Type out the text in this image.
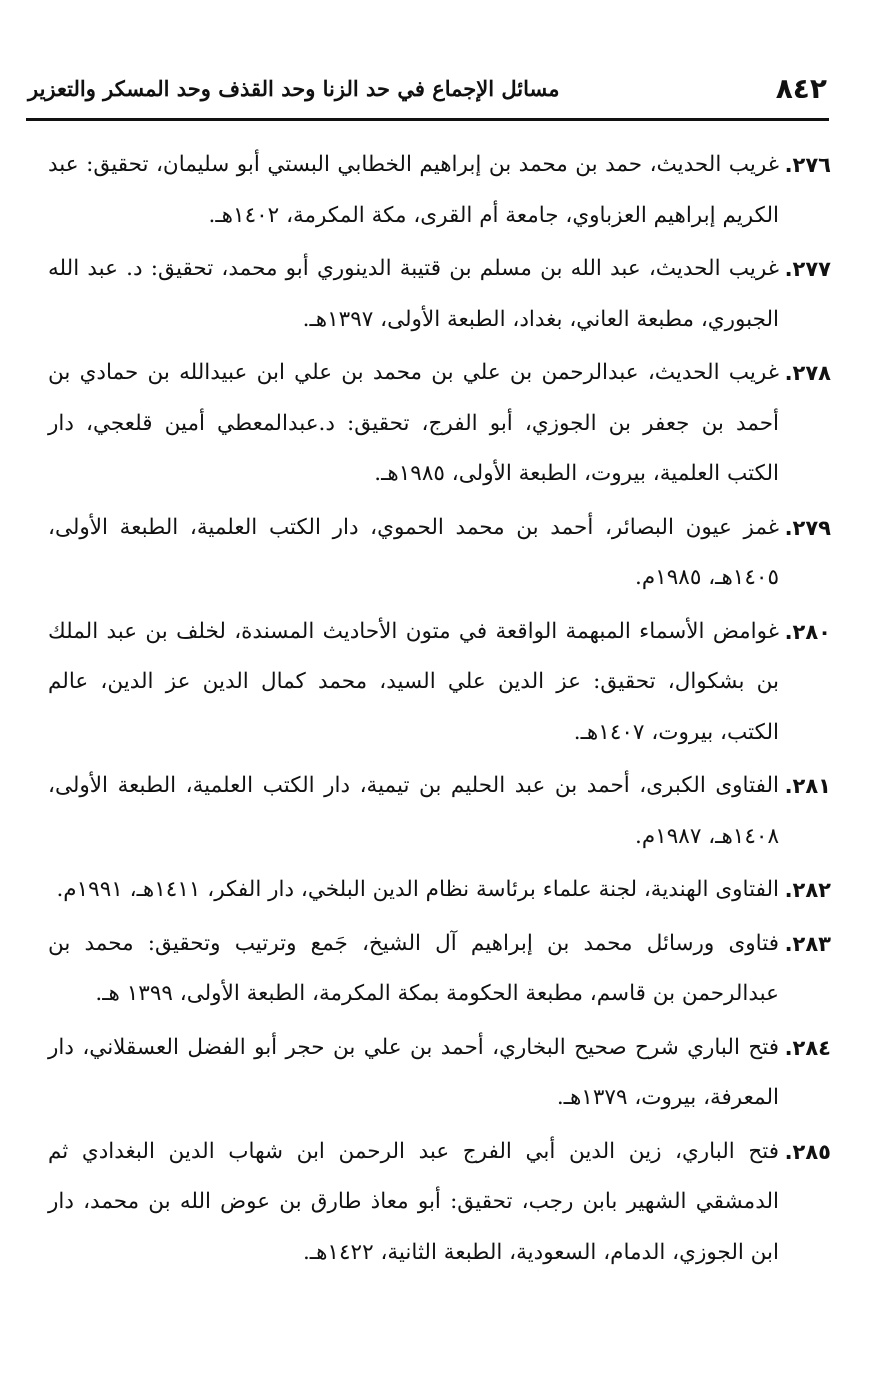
٨٤٢
مسائل الإجماع في حد الزنا وحد القذف وحد المسكر والتعزير
٢٧٦.
غريب الحديث، حمد بن محمد بن إبراهيم الخطابي البستي أبو سليمان، تحقيق: عبد الكريم إبراهيم العزباوي، جامعة أم القرى، مكة المكرمة، ١٤٠٢هـ.
٢٧٧.
غريب الحديث، عبد الله بن مسلم بن قتيبة الدينوري أبو محمد، تحقيق: د. عبد الله الجبوري، مطبعة العاني، بغداد، الطبعة الأولى، ١٣٩٧هـ.
٢٧٨.
غريب الحديث، عبدالرحمن بن علي بن محمد بن علي ابن عبيدالله بن حمادي بن أحمد بن جعفر بن الجوزي، أبو الفرج، تحقيق: د.عبدالمعطي أمين قلعجي، دار الكتب العلمية، بيروت، الطبعة الأولى، ١٩٨٥هـ.
٢٧٩.
غمز عيون البصائر، أحمد بن محمد الحموي، دار الكتب العلمية، الطبعة الأولى، ١٤٠٥هـ، ١٩٨٥م.
٢٨٠.
غوامض الأسماء المبهمة الواقعة في متون الأحاديث المسندة، لخلف بن عبد الملك بن بشكوال، تحقيق: عز الدين علي السيد، محمد كمال الدين عز الدين، عالم الكتب، بيروت، ١٤٠٧هـ.
٢٨١.
الفتاوى الكبرى، أحمد بن عبد الحليم بن تيمية، دار الكتب العلمية، الطبعة الأولى، ١٤٠٨هـ، ١٩٨٧م.
٢٨٢.
الفتاوى الهندية، لجنة علماء برئاسة نظام الدين البلخي، دار الفكر، ١٤١١هـ، ١٩٩١م.
٢٨٣.
فتاوى ورسائل محمد بن إبراهيم آل الشيخ، جَمع وترتيب وتحقيق: محمد بن عبدالرحمن بن قاسم، مطبعة الحكومة بمكة المكرمة، الطبعة الأولى، ١٣٩٩ هـ.
٢٨٤.
فتح الباري شرح صحيح البخاري، أحمد بن علي بن حجر أبو الفضل العسقلاني، دار المعرفة، بيروت، ١٣٧٩هـ.
٢٨٥.
فتح الباري، زين الدين أبي الفرج عبد الرحمن ابن شهاب الدين البغدادي ثم الدمشقي الشهير بابن رجب، تحقيق: أبو معاذ طارق بن عوض الله بن محمد، دار ابن الجوزي، الدمام، السعودية، الطبعة الثانية، ١٤٢٢هـ.
